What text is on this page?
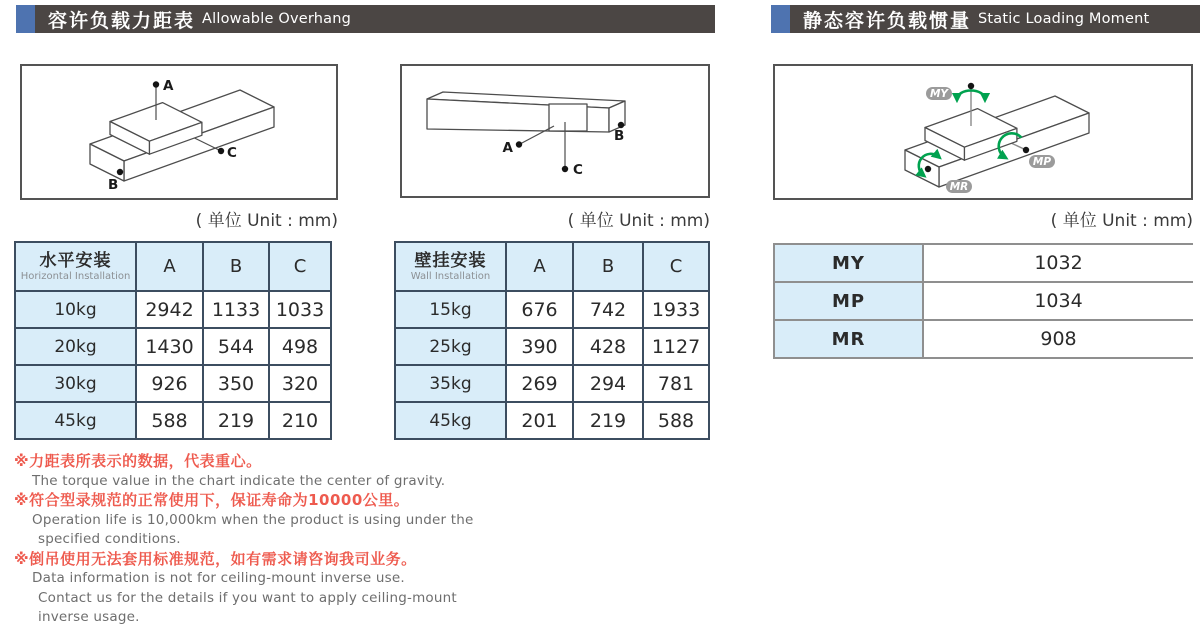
容许负载力距表 Allowable Overhang	静态容许负载惯量 Static Loading Moment
A
C
B
A
C
B
MY
MP
MR
( 单位 Unit : mm)	( 单位 Unit : mm)	( 单位 Unit : mm)
水平安装
Horizontal Installation	A	B	C
10kg	2942	1133	1033
20kg	1430	544	498
30kg	926	350	320
45kg	588	219	210
壁挂安装
Wall Installation	A	B	C
15kg	676	742	1933
25kg	390	428	1127
35kg	269	294	781
45kg	201	219	588
MY	1032
MP	1034
MR	908
※力距表所表示的数据，代表重心。
The torque value in the chart indicate the center of gravity.
※符合型录规范的正常使用下，保证寿命为10000公里。
Operation life is 10,000km when the product is using under the
specified conditions.
※倒吊使用无法套用标准规范，如有需求请咨询我司业务。
Data information is not for ceiling-mount inverse use.
Contact us for the details if you want to apply ceiling-mount
inverse usage.
